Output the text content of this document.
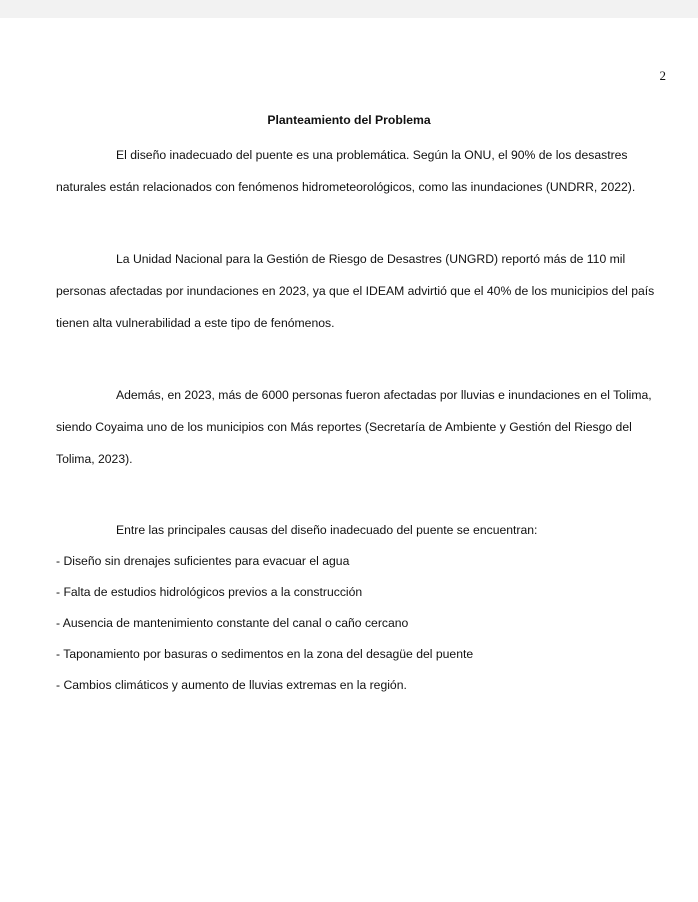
2
Planteamiento del Problema

El diseño inadecuado del puente es una problemática. Según la ONU, el 90% de los desastres naturales están relacionados con fenómenos hidrometeorológicos, como las inundaciones (UNDRR, 2022).

La Unidad Nacional para la Gestión de Riesgo de Desastres (UNGRD) reportó más de 110 mil personas afectadas por inundaciones en 2023, ya que el IDEAM advirtió que el 40% de los municipios del país tienen alta vulnerabilidad a este tipo de fenómenos.

Además, en 2023, más de 6000 personas fueron afectadas por lluvias e inundaciones en el Tolima, siendo Coyaima uno de los municipios con Más reportes (Secretaría de Ambiente y Gestión del Riesgo del Tolima, 2023).

Entre las principales causas del diseño inadecuado del puente se encuentran:

- Diseño sin drenajes suficientes para evacuar el agua
- Falta de estudios hidrológicos previos a la construcción
- Ausencia de mantenimiento constante del canal o caño cercano
- Taponamiento por basuras o sedimentos en la zona del desagüe del puente
- Cambios climáticos y aumento de lluvias extremas en la región.
